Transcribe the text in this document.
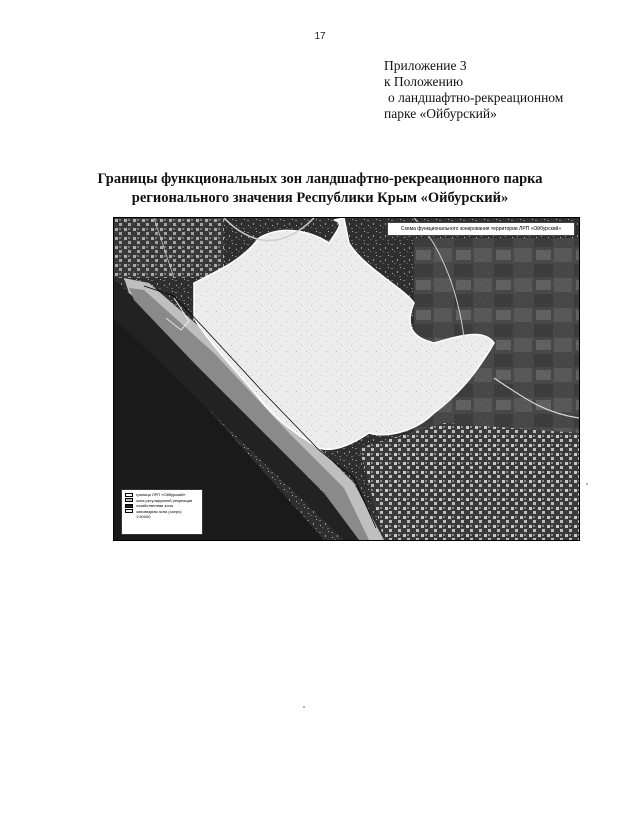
17
Приложение 3
к Положению
о ландшафтно-рекреационном
парке «Ойбурский»
Границы функциональных зон ландшафтно-рекреационного парка
регионального значения Республики Крым «Ойбурский»
Схема функционального зонирования территории ЛРП «Ойбурский»
граница ЛРП «Ойбурский»
зона регулируемой рекреации
хозяйственная зона
заповедная зона (озеро)
1:50000
